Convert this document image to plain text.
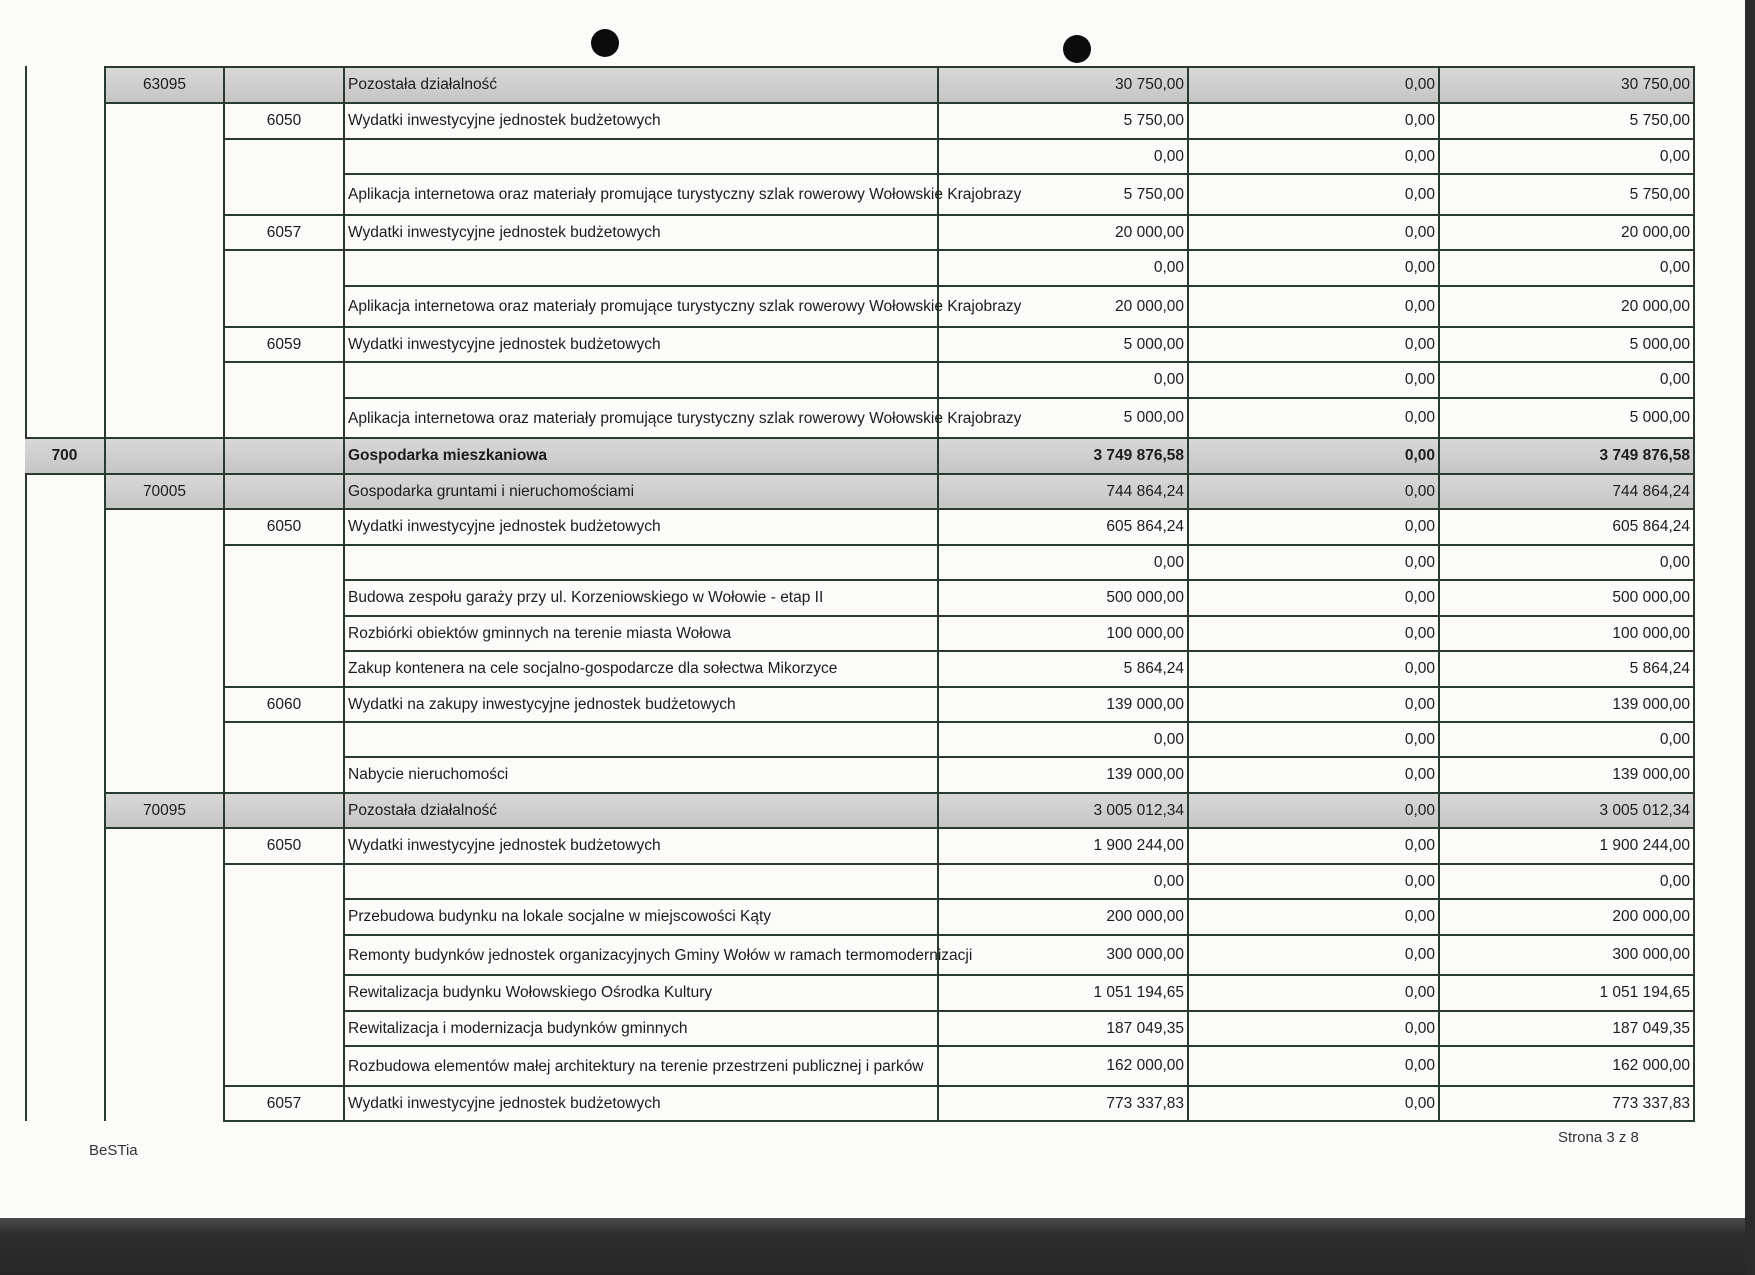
	63095		Pozostała działalność	30 750,00	0,00	30 750,00
		6050	Wydatki inwestycyjne jednostek budżetowych	5 750,00	0,00	5 750,00
				0,00	0,00	0,00
			Aplikacja internetowa oraz materiały promujące turystyczny szlak rowerowy Wołowskie Krajobrazy	5 750,00	0,00	5 750,00
		6057	Wydatki inwestycyjne jednostek budżetowych	20 000,00	0,00	20 000,00
				0,00	0,00	0,00
			Aplikacja internetowa oraz materiały promujące turystyczny szlak rowerowy Wołowskie Krajobrazy	20 000,00	0,00	20 000,00
		6059	Wydatki inwestycyjne jednostek budżetowych	5 000,00	0,00	5 000,00
				0,00	0,00	0,00
			Aplikacja internetowa oraz materiały promujące turystyczny szlak rowerowy Wołowskie Krajobrazy	5 000,00	0,00	5 000,00
700			Gospodarka mieszkaniowa	3 749 876,58	0,00	3 749 876,58
	70005		Gospodarka gruntami i nieruchomościami	744 864,24	0,00	744 864,24
		6050	Wydatki inwestycyjne jednostek budżetowych	605 864,24	0,00	605 864,24
				0,00	0,00	0,00
			Budowa zespołu garaży przy ul. Korzeniowskiego w Wołowie - etap II	500 000,00	0,00	500 000,00
			Rozbiórki obiektów gminnych na terenie miasta Wołowa	100 000,00	0,00	100 000,00
			Zakup kontenera na cele socjalno-gospodarcze dla sołectwa Mikorzyce	5 864,24	0,00	5 864,24
		6060	Wydatki na zakupy inwestycyjne jednostek budżetowych	139 000,00	0,00	139 000,00
				0,00	0,00	0,00
			Nabycie nieruchomości	139 000,00	0,00	139 000,00
	70095		Pozostała działalność	3 005 012,34	0,00	3 005 012,34
		6050	Wydatki inwestycyjne jednostek budżetowych	1 900 244,00	0,00	1 900 244,00
				0,00	0,00	0,00
			Przebudowa budynku na lokale socjalne w miejscowości Kąty	200 000,00	0,00	200 000,00
			Remonty budynków jednostek organizacyjnych Gminy Wołów w ramach termomodernizacji	300 000,00	0,00	300 000,00
			Rewitalizacja budynku Wołowskiego Ośrodka Kultury	1 051 194,65	0,00	1 051 194,65
			Rewitalizacja i modernizacja budynków gminnych	187 049,35	0,00	187 049,35
			Rozbudowa elementów małej architektury na terenie przestrzeni publicznej i parków	162 000,00	0,00	162 000,00
		6057	Wydatki inwestycyjne jednostek budżetowych	773 337,83	0,00	773 337,83
BeSTia
Strona 3 z 8
